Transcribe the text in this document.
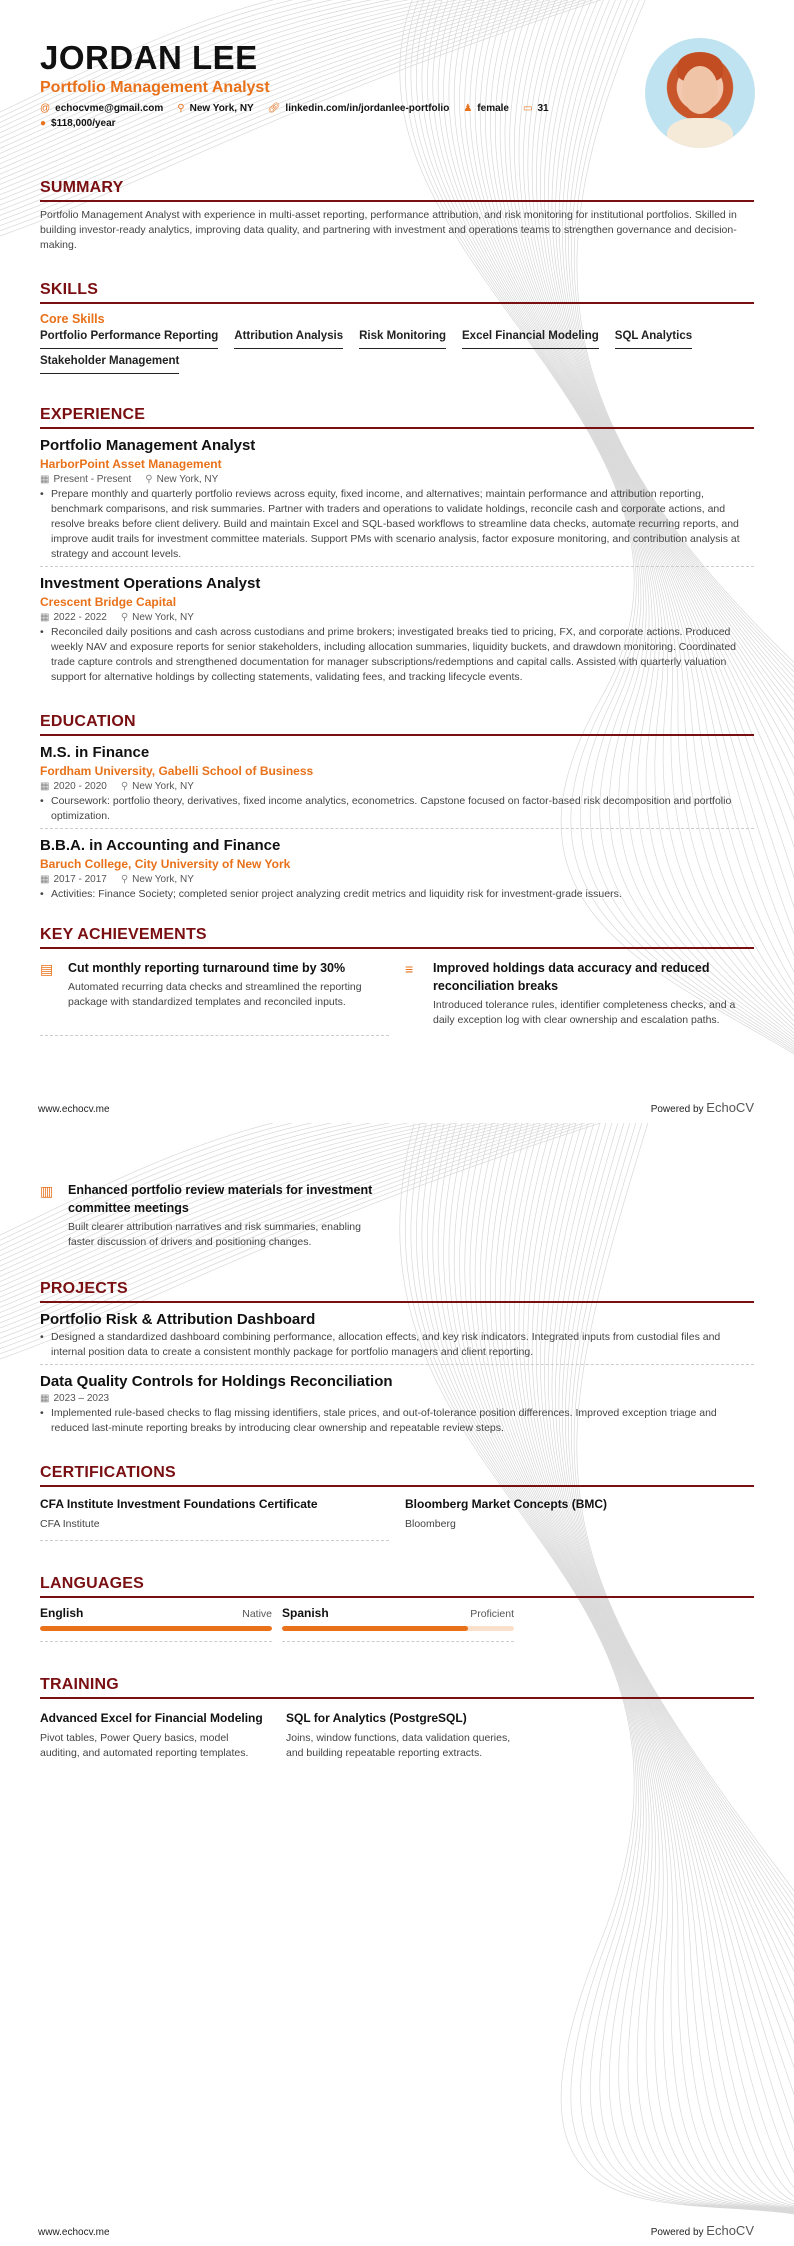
JORDAN LEE
Portfolio Management Analyst
@ echocvme@gmail.com ⚲ New York, NY 🔗︎ linkedin.com/in/jordanlee-portfolio ♟ female ▭ 31
● $118,000/year
SUMMARY

Portfolio Management Analyst with experience in multi-asset reporting, performance attribution, and risk monitoring for institutional portfolios. Skilled in building investor-ready analytics, improving data quality, and partnering with investment and operations teams to strengthen governance and decision-making.

SKILLS
Core Skills
Portfolio Performance Reporting Attribution Analysis Risk Monitoring Excel Financial Modeling SQL Analytics
Stakeholder Management
EXPERIENCE
Portfolio Management Analyst
HarborPoint Asset Management
▦ Present - Present ⚲ New York, NY
• Prepare monthly and quarterly portfolio reviews across equity, fixed income, and alternatives; maintain performance and attribution reporting, benchmark comparisons, and risk summaries. Partner with traders and operations to validate holdings, reconcile cash and corporate actions, and resolve breaks before client delivery. Build and maintain Excel and SQL-based workflows to streamline data checks, automate recurring reports, and improve audit trails for investment committee materials. Support PMs with scenario analysis, factor exposure monitoring, and contribution analysis at strategy and account levels.
Investment Operations Analyst
Crescent Bridge Capital
▦ 2022 - 2022 ⚲ New York, NY
• Reconciled daily positions and cash across custodians and prime brokers; investigated breaks tied to pricing, FX, and corporate actions. Produced weekly NAV and exposure reports for senior stakeholders, including allocation summaries, liquidity buckets, and drawdown monitoring. Coordinated trade capture controls and strengthened documentation for manager subscriptions/redemptions and capital calls. Assisted with quarterly valuation support for alternative holdings by collecting statements, validating fees, and tracking lifecycle events.
EDUCATION
M.S. in Finance
Fordham University, Gabelli School of Business
▦ 2020 - 2020 ⚲ New York, NY
• Coursework: portfolio theory, derivatives, fixed income analytics, econometrics. Capstone focused on factor-based risk decomposition and portfolio optimization.
B.B.A. in Accounting and Finance
Baruch College, City University of New York
▦ 2017 - 2017 ⚲ New York, NY
• Activities: Finance Society; completed senior project analyzing credit metrics and liquidity risk for investment-grade issuers.
KEY ACHIEVEMENTS
▤ Cut monthly reporting turnaround time by 30%

Automated recurring data checks and streamlined the reporting package with standardized templates and reconciled inputs.

≡	Improved holdings data accuracy and reduced reconciliation breaks

Introduced tolerance rules, identifier completeness checks, and a daily exception log with clear ownership and escalation paths.

www.echocv.me	Powered by EchoCV
▥ Enhanced portfolio review materials for investment committee meetings

Built clearer attribution narratives and risk summaries, enabling faster discussion of drivers and positioning changes.

PROJECTS
Portfolio Risk & Attribution Dashboard
• Designed a standardized dashboard combining performance, allocation effects, and key risk indicators. Integrated inputs from custodial files and internal position data to create a consistent monthly package for portfolio managers and client reporting.
Data Quality Controls for Holdings Reconciliation
▦ 2023 – 2023
• Implemented rule-based checks to flag missing identifiers, stale prices, and out-of-tolerance position differences. Improved exception triage and reduced last-minute reporting breaks by introducing clear ownership and repeatable review steps.
CERTIFICATIONS
CFA Institute Investment Foundations Certificate

CFA Institute

Bloomberg Market Concepts (BMC)

Bloomberg

LANGUAGES
English	Native Spanish	Proficient
TRAINING
Advanced Excel for Financial Modeling

Pivot tables, Power Query basics, model auditing, and automated reporting templates.

SQL for Analytics (PostgreSQL)

Joins, window functions, data validation queries, and building repeatable reporting extracts.

www.echocv.me	Powered by EchoCV
